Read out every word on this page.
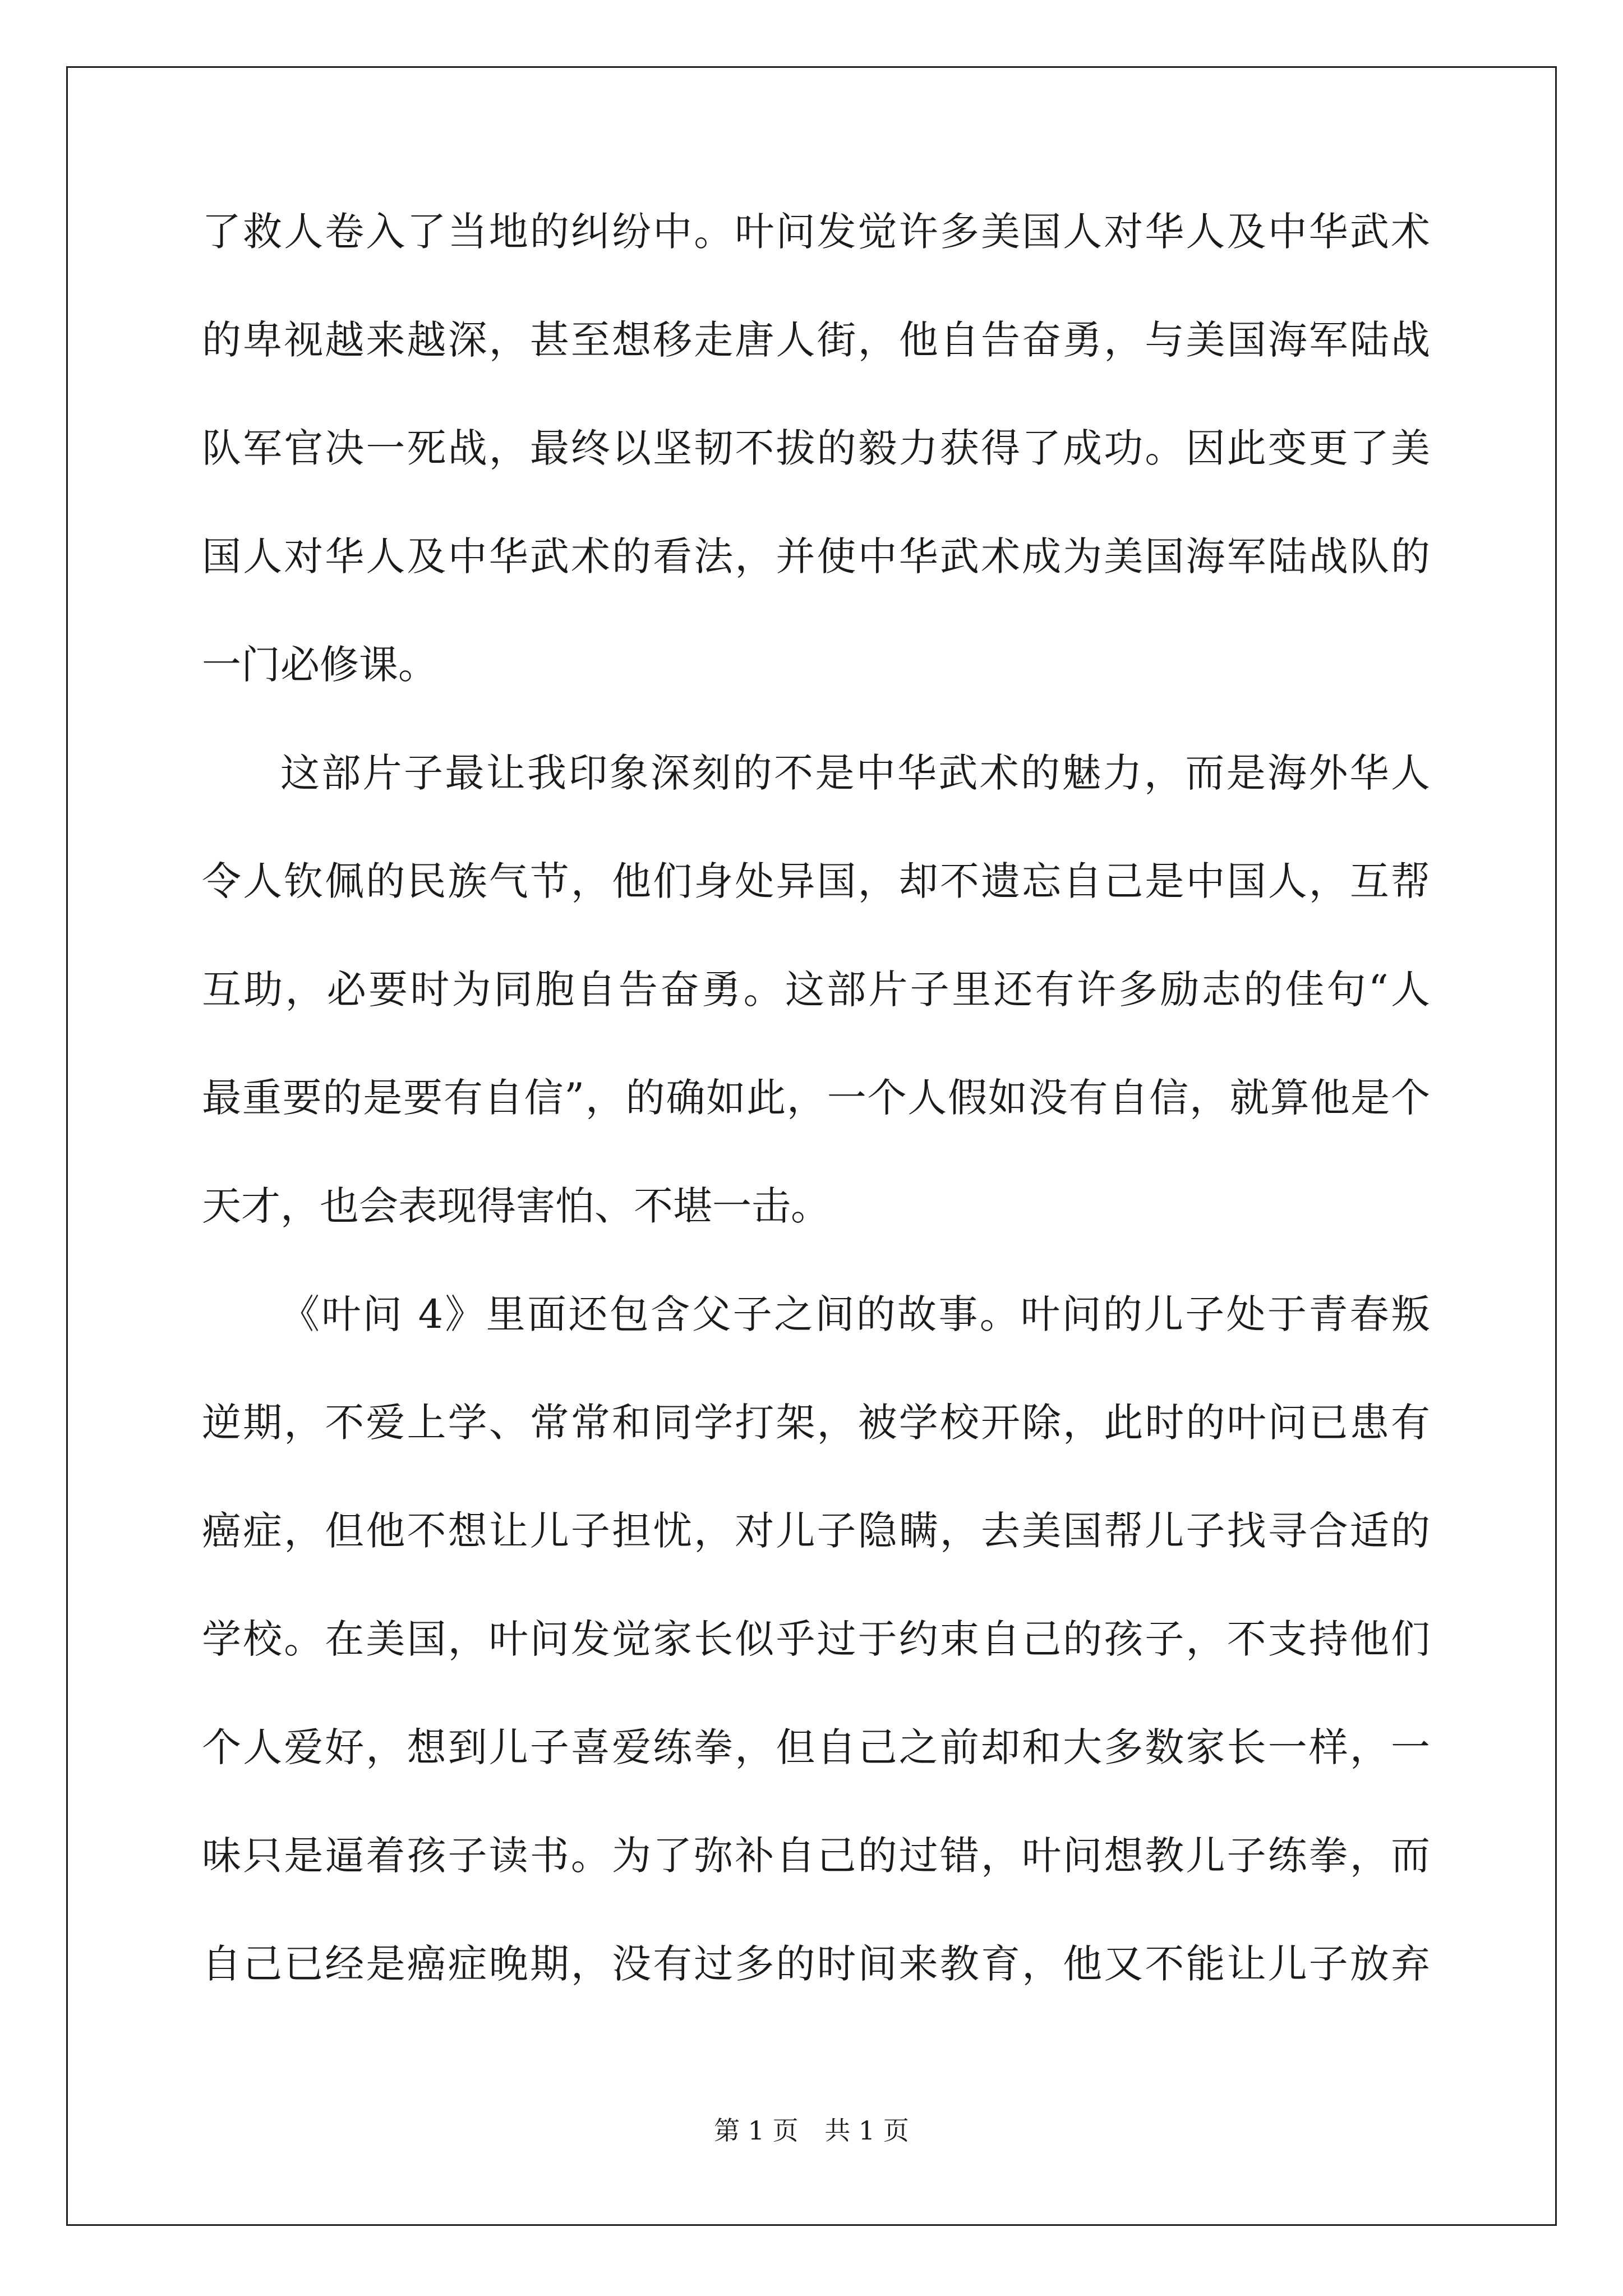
了救人卷入了当地的纠纷中。叶问发觉许多美国人对华人及中华武术
的卑视越来越深，甚至想移走唐人街，他自告奋勇，与美国海军陆战
队军官决一死战，最终以坚韧不拔的毅力获得了成功。因此变更了美
国人对华人及中华武术的看法，并使中华武术成为美国海军陆战队的
一门必修课。
这部片子最让我印象深刻的不是中华武术的魅力，而是海外华人
令人钦佩的民族气节，他们身处异国，却不遗忘自己是中国人，互帮
互助，必要时为同胞自告奋勇。这部片子里还有许多励志的佳句“人
最重要的是要有自信”，的确如此，一个人假如没有自信，就算他是个
天才，也会表现得害怕、不堪一击。
《叶问 4》里面还包含父子之间的故事。叶问的儿子处于青春叛
逆期，不爱上学、常常和同学打架，被学校开除，此时的叶问已患有
癌症，但他不想让儿子担忧，对儿子隐瞒，去美国帮儿子找寻合适的
学校。在美国，叶问发觉家长似乎过于约束自己的孩子，不支持他们
个人爱好，想到儿子喜爱练拳，但自己之前却和大多数家长一样，一
味只是逼着孩子读书。为了弥补自己的过错，叶问想教儿子练拳，而
自己已经是癌症晚期，没有过多的时间来教育，他又不能让儿子放弃
第 1 页 共 1 页
